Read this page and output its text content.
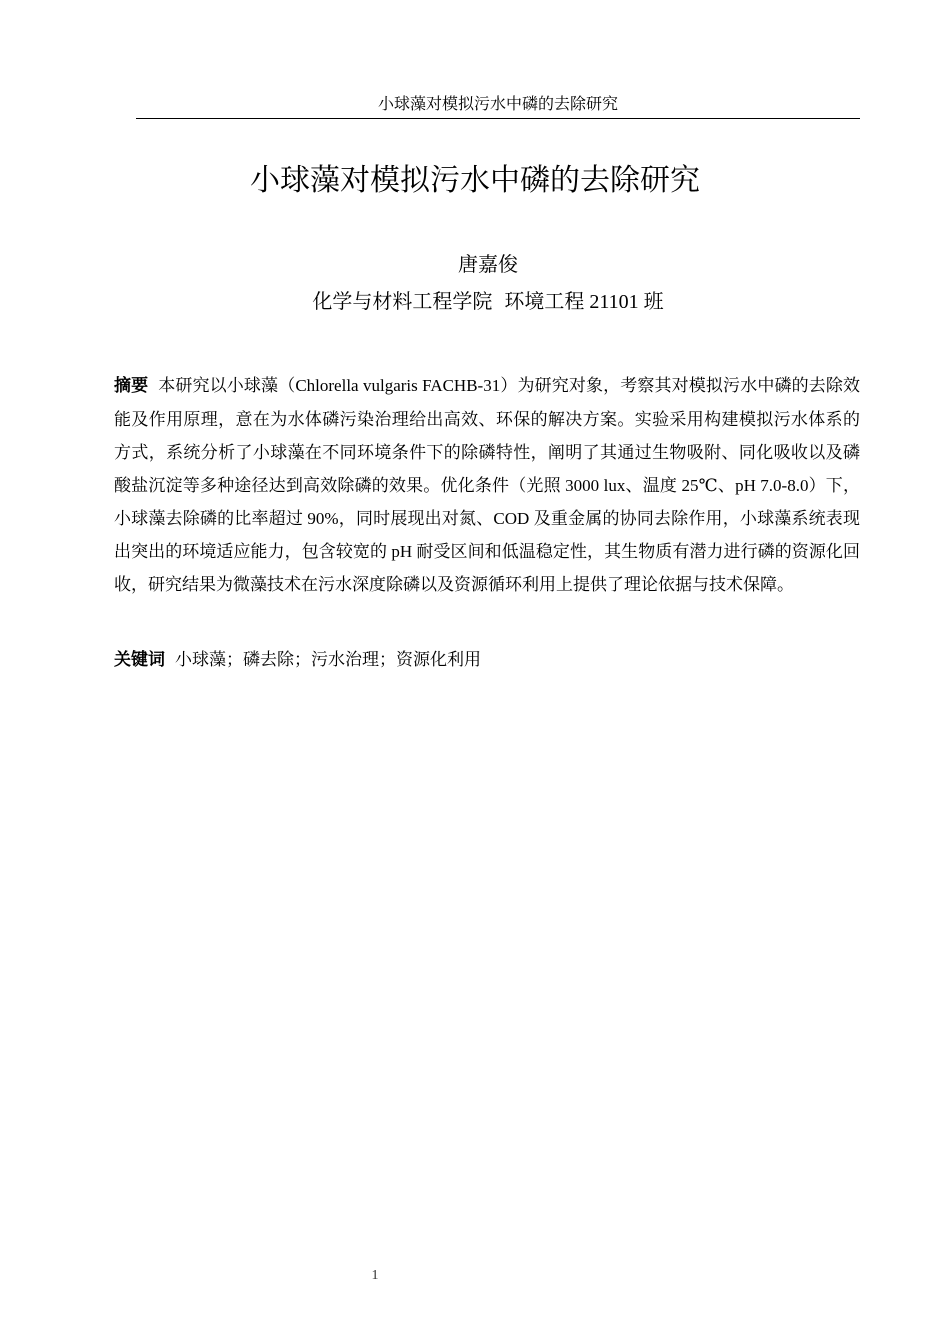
小球藻对模拟污水中磷的去除研究
小球藻对模拟污水中磷的去除研究
唐嘉俊
化学与材料工程学院 环境工程 21101 班

摘要 本研究以小球藻（Chlorella vulgaris FACHB-31）为研究对象，考察其对模拟污水中磷的去除效能及作用原理，意在为水体磷污染治理给出高效、环保的解决方案。实验采用构建模拟污水体系的方式，系统分析了小球藻在不同环境条件下的除磷特性，阐明了其通过生物吸附、同化吸收以及磷酸盐沉淀等多种途径达到高效除磷的效果。优化条件（光照 3000 lux、温度 25℃、pH 7.0-8.0）下，小球藻去除磷的比率超过 90%，同时展现出对氮、COD 及重金属的协同去除作用，小球藻系统表现出突出的环境适应能力，包含较宽的 pH 耐受区间和低温稳定性，其生物质有潜力进行磷的资源化回收，研究结果为微藻技术在污水深度除磷以及资源循环利用上提供了理论依据与技术保障。

关键词 小球藻；磷去除；污水治理；资源化利用

1
